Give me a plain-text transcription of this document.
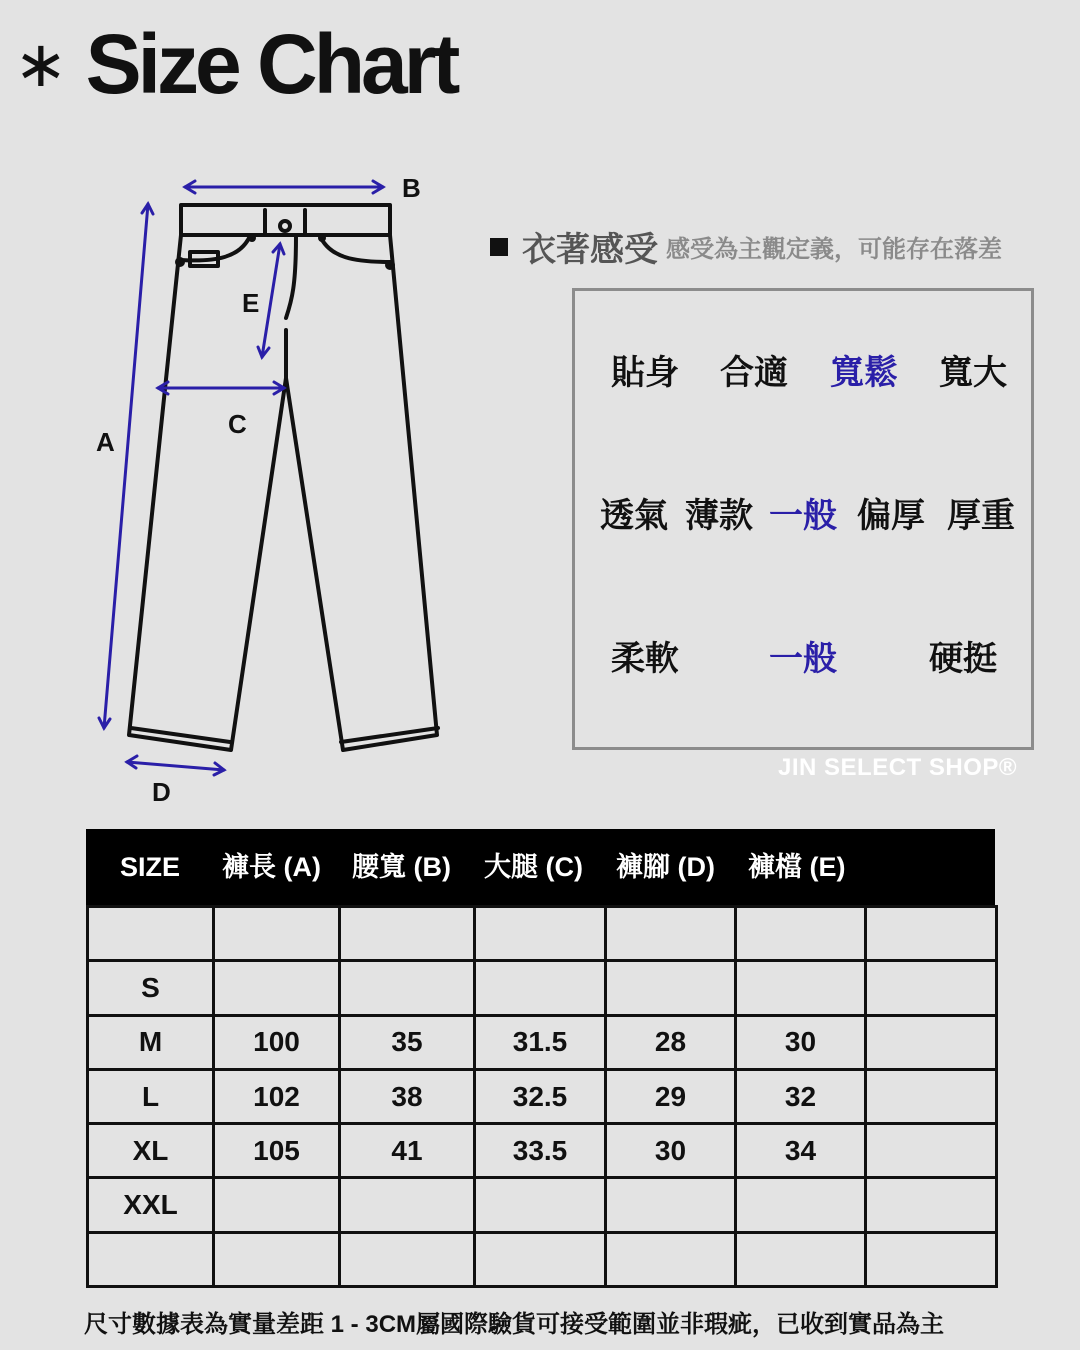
∗ Size Chart
B
A
E
C
D
衣著感受 感受為主觀定義，可能存在落差
貼身 合適 寬鬆 寬大
透氣 薄款 一般 偏厚 厚重
柔軟	一般	硬挺
JIN SELECT SHOP®
SIZE 褲長 (A) 腰寬 (B) 大腿 (C) 褲腳 (D) 褲檔 (E)

S						
M	100	35	31.5	28	30	
L	102	38	32.5	29	32	
XL	105	41	33.5	30	34	
XXL						

尺寸數據表為實量差距 1 - 3CM屬國際驗貨可接受範圍並非瑕疵，已收到實品為主
